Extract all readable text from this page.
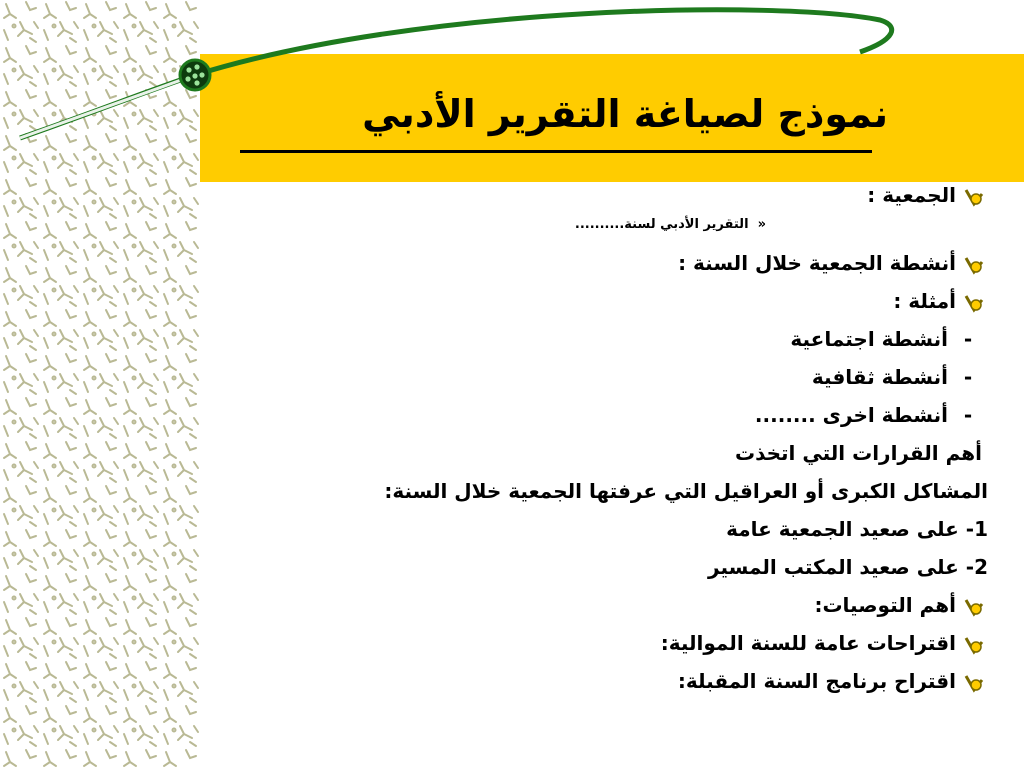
نموذج لصياغة التقرير الأدبي
الجمعية :
«  التقرير الأدبي لسنة..........
أنشطة الجمعية خلال السنة :
أمثلة :
-أنشطة اجتماعية
-أنشطة ثقافية
-أنشطة اخرى ........
أهم القرارات التي اتخذت
المشاكل الكبرى أو العراقيل التي عرفتها الجمعية خلال السنة:
1- على صعيد الجمعية عامة
2- على صعيد المكتب المسير
أهم التوصيات:
اقتراحات عامة للسنة الموالية:
اقتراح برنامج السنة المقبلة:
